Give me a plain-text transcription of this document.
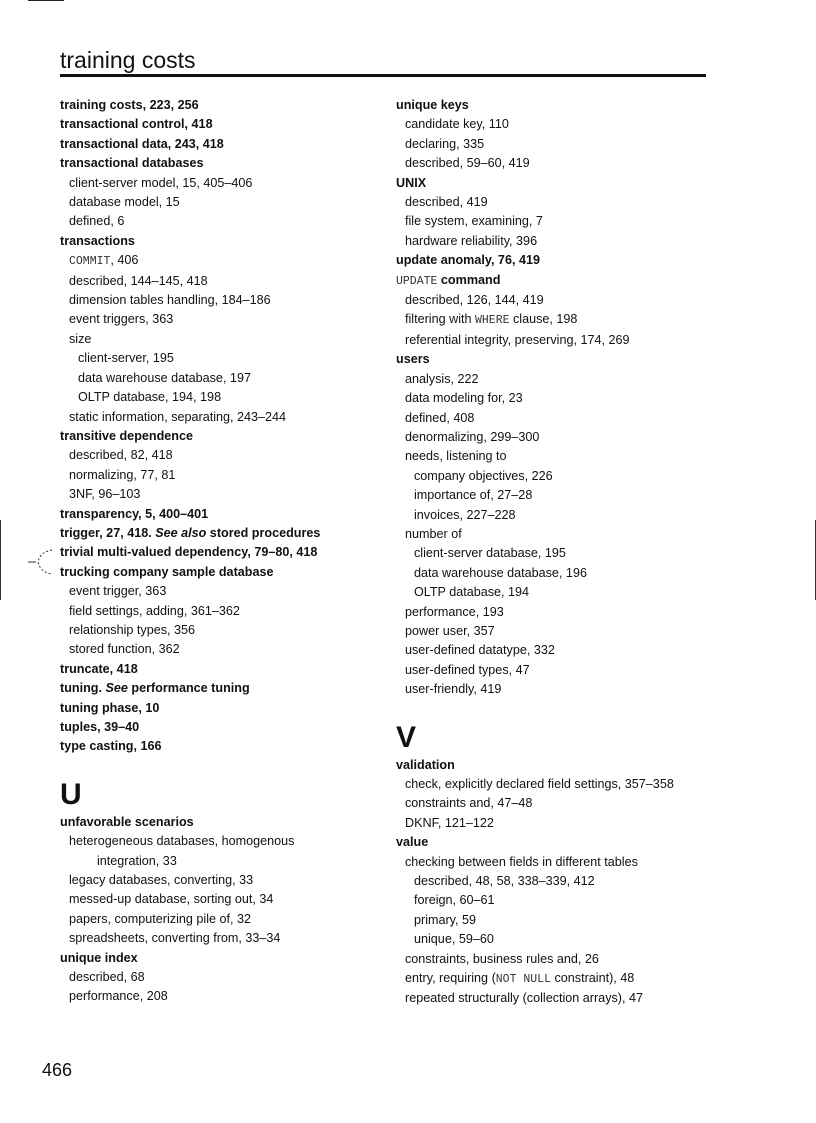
training costs
training costs, 223, 256
transactional control, 418
transactional data, 243, 418
transactional databases
client-server model, 15, 405–406
database model, 15
defined, 6
transactions
COMMIT, 406
described, 144–145, 418
dimension tables handling, 184–186
event triggers, 363
size
client-server, 195
data warehouse database, 197
OLTP database, 194, 198
static information, separating, 243–244
transitive dependence
described, 82, 418
normalizing, 77, 81
3NF, 96–103
transparency, 5, 400–401
trigger, 27, 418. See also stored procedures
trivial multi-valued dependency, 79–80, 418
trucking company sample database
event trigger, 363
field settings, adding, 361–362
relationship types, 356
stored function, 362
truncate, 418
tuning. See performance tuning
tuning phase, 10
tuples, 39–40
type casting, 166
U
unfavorable scenarios
heterogeneous databases, homogenous
integration, 33
legacy databases, converting, 33
messed-up database, sorting out, 34
papers, computerizing pile of, 32
spreadsheets, converting from, 33–34
unique index
described, 68
performance, 208
unique keys
candidate key, 110
declaring, 335
described, 59–60, 419
UNIX
described, 419
file system, examining, 7
hardware reliability, 396
update anomaly, 76, 419
UPDATE command
described, 126, 144, 419
filtering with WHERE clause, 198
referential integrity, preserving, 174, 269
users
analysis, 222
data modeling for, 23
defined, 408
denormalizing, 299–300
needs, listening to
company objectives, 226
importance of, 27–28
invoices, 227–228
number of
client-server database, 195
data warehouse database, 196
OLTP database, 194
performance, 193
power user, 357
user-defined datatype, 332
user-defined types, 47
user-friendly, 419
V
validation
check, explicitly declared field settings, 357–358
constraints and, 47–48
DKNF, 121–122
value
checking between fields in different tables
described, 48, 58, 338–339, 412
foreign, 60–61
primary, 59
unique, 59–60
constraints, business rules and, 26
entry, requiring (NOT NULL constraint), 48
repeated structurally (collection arrays), 47
466
